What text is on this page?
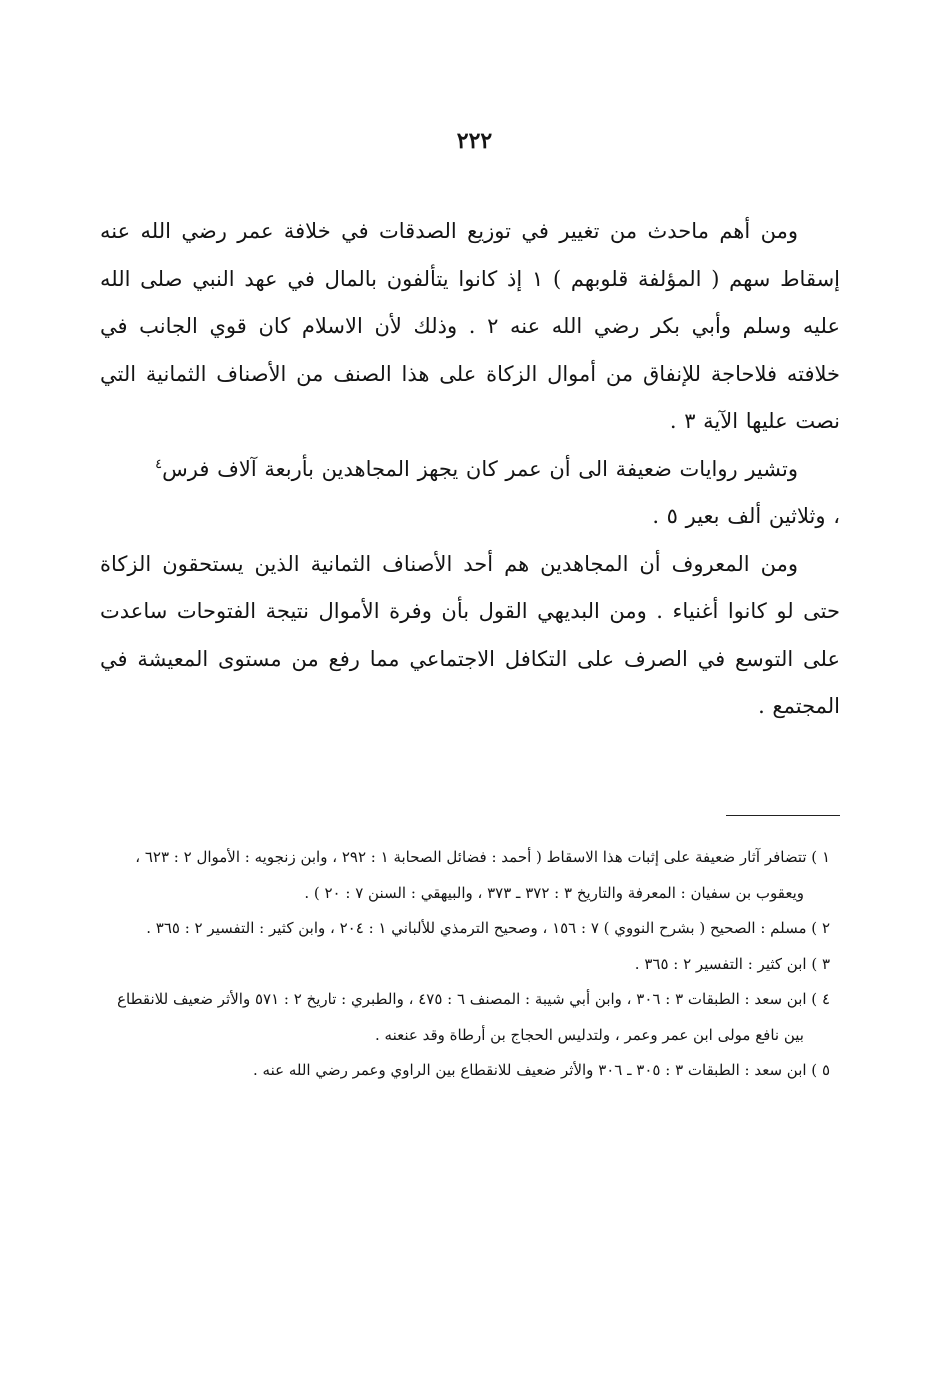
٢٢٢

ومن أهم ماحدث من تغيير في توزيع الصدقات في خلافة عمر رضي الله عنه إسقاط سهم ( المؤلفة قلوبهم ) ١ إذ كانوا يتألفون بالمال في عهد النبي صلى الله عليه وسلم وأبي بكر رضي الله عنه ٢ . وذلك لأن الاسلام كان قوي الجانب في خلافته فلاحاجة للإنفاق من أموال الزكاة على هذا الصنف من الأصناف الثمانية التي نصت عليها الآية ٣ .

وتشير روايات ضعيفة الى أن عمر كان يجهز المجاهدين بأربعة آلاف فرس$^٤$

، وثلاثين ألف بعير ٥ .

ومن المعروف أن المجاهدين هم أحد الأصناف الثمانية الذين يستحقون الزكاة حتى لو كانوا أغنياء . ومن البديهي القول بأن وفرة الأموال نتيجة الفتوحات ساعدت على التوسع في الصرف على التكافل الاجتماعي مما رفع من مستوى المعيشة في المجتمع .

١ ) تتضافر آثار ضعيفة على إثبات هذا الاسقاط ( أحمد : فضائل الصحابة ١ : ٢٩٢ ، وابن زنجويه : الأموال ٢ : ٦٢٣ ، ويعقوب بن سفيان : المعرفة والتاريخ ٣ : ٣٧٢ ـ ٣٧٣ ، والبيهقي : السنن ٧ : ٢٠ ) .

٢ ) مسلم : الصحيح ( بشرح النووي ) ٧ : ١٥٦ ، وصحيح الترمذي للألباني ١ : ٢٠٤ ، وابن كثير : التفسير ٢ : ٣٦٥ .

٣ ) ابن كثير : التفسير ٢ : ٣٦٥ .

٤ ) ابن سعد : الطبقات ٣ : ٣٠٦ ، وابن أبي شيبة : المصنف ٦ : ٤٧٥ ، والطبري : تاريخ ٢ : ٥٧١ والأثر ضعيف للانقطاع بين نافع مولى ابن عمر وعمر ، ولتدليس الحجاج بن أرطاة وقد عنعنه .

٥ ) ابن سعد : الطبقات ٣ : ٣٠٥ ـ ٣٠٦ والأثر ضعيف للانقطاع بين الراوي وعمر رضي الله عنه .
